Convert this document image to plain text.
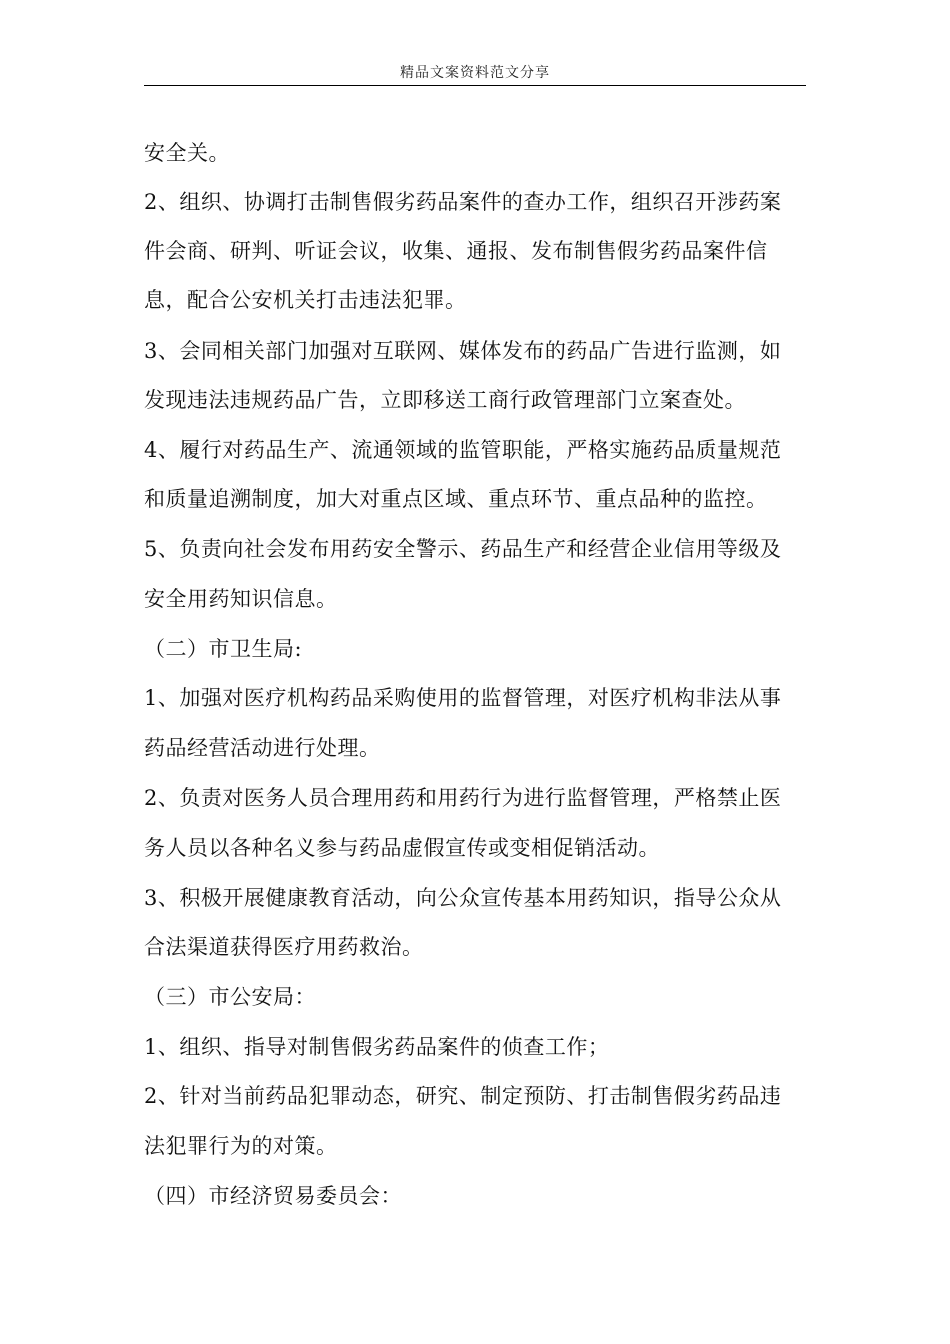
精品文案资料范文分享
安全关。
2、组织、协调打击制售假劣药品案件的查办工作，组织召开涉药案
件会商、研判、听证会议，收集、通报、发布制售假劣药品案件信
息，配合公安机关打击违法犯罪。
3、会同相关部门加强对互联网、媒体发布的药品广告进行监测，如
发现违法违规药品广告，立即移送工商行政管理部门立案查处。
4、履行对药品生产、流通领域的监管职能，严格实施药品质量规范
和质量追溯制度，加大对重点区域、重点环节、重点品种的监控。
5、负责向社会发布用药安全警示、药品生产和经营企业信用等级及
安全用药知识信息。
（二）市卫生局:
1、加强对医疗机构药品采购使用的监督管理，对医疗机构非法从事
药品经营活动进行处理。
2、负责对医务人员合理用药和用药行为进行监督管理，严格禁止医
务人员以各种名义参与药品虚假宣传或变相促销活动。
3、积极开展健康教育活动，向公众宣传基本用药知识，指导公众从
合法渠道获得医疗用药救治。
（三）市公安局：
1、组织、指导对制售假劣药品案件的侦查工作；
2、针对当前药品犯罪动态，研究、制定预防、打击制售假劣药品违
法犯罪行为的对策。
（四）市经济贸易委员会：
